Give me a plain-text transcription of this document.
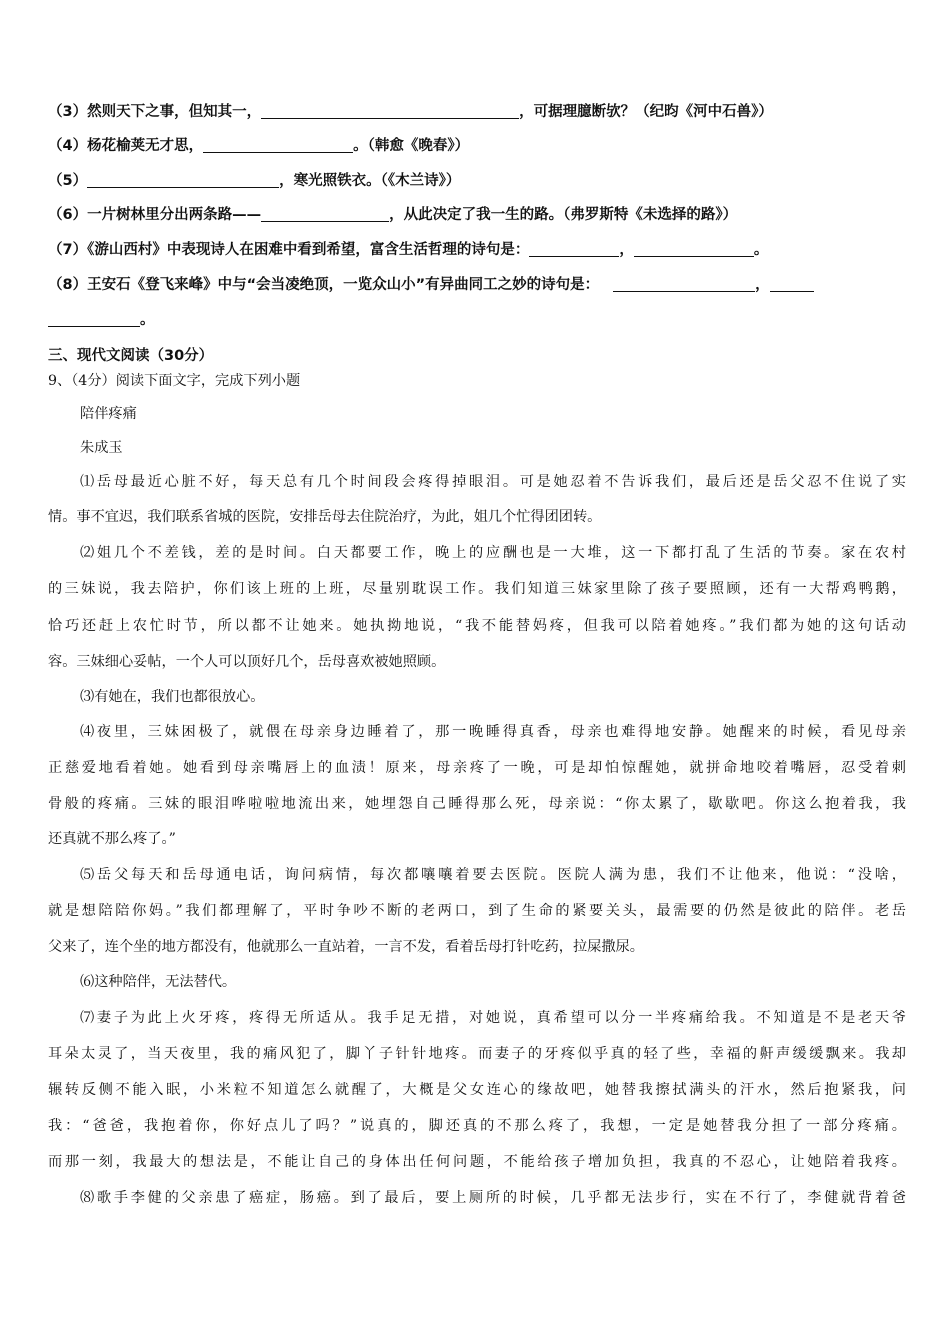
（3）然则天下之事，但知其一，	，可据理臆断欤？（纪昀《河中石兽》）
（4）杨花榆荚无才思，	。（韩愈《晚春》）
（5）	，寒光照铁衣。（《木兰诗》）
（6）一片树林里分出两条路——	，从此决定了我一生的路。（弗罗斯特《未选择的路》）
（7）《游山西村》中表现诗人在困难中看到希望，富含生活哲理的诗句是：	，	。
（8）王安石《登飞来峰》中与“会当凌绝顶，一览众山小”有异曲同工之妙的诗句是：	，
。
三、现代文阅读（30分）
9、（4分）阅读下面文字，完成下列小题
陪伴疼痛
朱成玉
⑴岳母最近心脏不好，每天总有几个时间段会疼得掉眼泪。可是她忍着不告诉我们，最后还是岳父忍不住说了实
情。事不宜迟，我们联系省城的医院，安排岳母去住院治疗，为此，姐几个忙得团团转。
⑵姐几个不差钱，差的是时间。白天都要工作，晚上的应酬也是一大堆，这一下都打乱了生活的节奏。家在农村
的三妹说，我去陪护，你们该上班的上班，尽量别耽误工作。我们知道三妹家里除了孩子要照顾，还有一大帮鸡鸭鹅，
恰巧还赶上农忙时节，所以都不让她来。她执拗地说，“我不能替妈疼，但我可以陪着她疼。”我们都为她的这句话动
容。三妹细心妥帖，一个人可以顶好几个，岳母喜欢被她照顾。
⑶有她在，我们也都很放心。
⑷夜里，三妹困极了，就偎在母亲身边睡着了，那一晚睡得真香，母亲也难得地安静。她醒来的时候，看见母亲
正慈爱地看着她。她看到母亲嘴唇上的血渍！原来，母亲疼了一晚，可是却怕惊醒她，就拼命地咬着嘴唇，忍受着刺
骨般的疼痛。三妹的眼泪哗啦啦地流出来，她埋怨自己睡得那么死，母亲说：“你太累了，歇歇吧。你这么抱着我，我
还真就不那么疼了。”
⑸岳父每天和岳母通电话，询问病情，每次都嚷嚷着要去医院。医院人满为患，我们不让他来，他说：“没啥，
就是想陪陪你妈。”我们都理解了，平时争吵不断的老两口，到了生命的紧要关头，最需要的仍然是彼此的陪伴。老岳
父来了，连个坐的地方都没有，他就那么一直站着，一言不发，看着岳母打针吃药，拉屎撒尿。
⑹这种陪伴，无法替代。
⑺妻子为此上火牙疼，疼得无所适从。我手足无措，对她说，真希望可以分一半疼痛给我。不知道是不是老天爷
耳朵太灵了，当天夜里，我的痛风犯了，脚丫子针针地疼。而妻子的牙疼似乎真的轻了些，幸福的鼾声缓缓飘来。我却
辗转反侧不能入眠，小米粒不知道怎么就醒了，大概是父女连心的缘故吧，她替我擦拭满头的汗水，然后抱紧我，问
我：“爸爸，我抱着你，你好点儿了吗？”说真的，脚还真的不那么疼了，我想，一定是她替我分担了一部分疼痛。
而那一刻，我最大的想法是，不能让自己的身体出任何问题，不能给孩子增加负担，我真的不忍心，让她陪着我疼。
⑻歌手李健的父亲患了癌症，肠癌。到了最后，要上厕所的时候，几乎都无法步行，实在不行了，李健就背着爸
